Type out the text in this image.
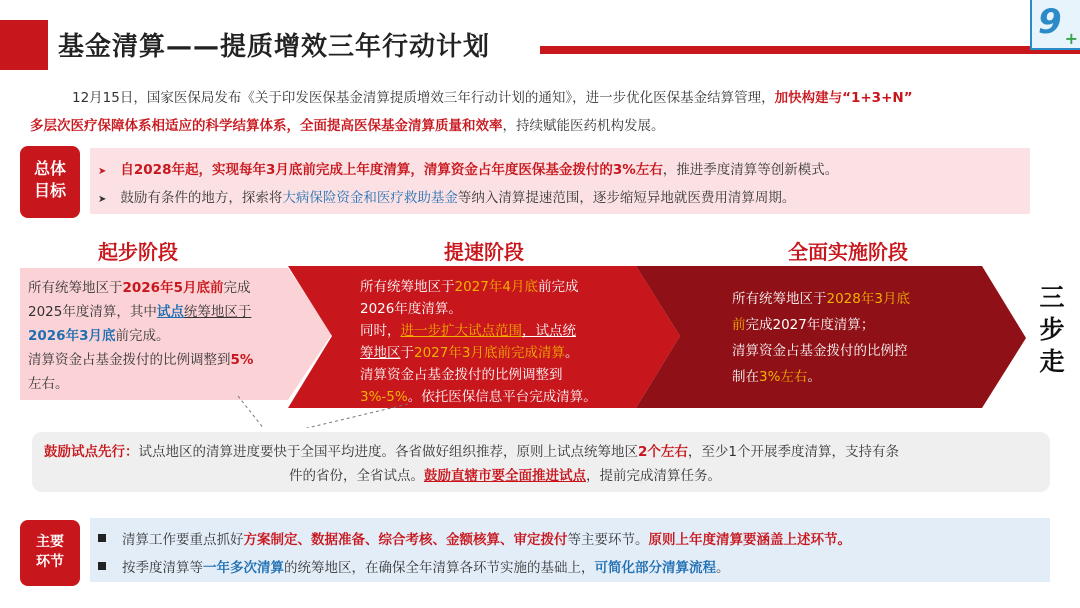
基金清算——提质增效三年行动计划
9 +
12月15日，国家医保局发布《关于印发医保基金清算提质增效三年行动计划的通知》，进一步优化医保基金结算管理，加快构建与“1+3+N”
多层次医疗保障体系相适应的科学结算体系，全面提高医保基金清算质量和效率，持续赋能医药机构发展。
总体
目标
➤ 自2028年起，实现每年3月底前完成上年度清算，清算资金占年度医保基金拨付的3%左右，推进季度清算等创新模式。
➤ 鼓励有条件的地方，探索将大病保险资金和医疗救助基金等纳入清算提速范围，逐步缩短异地就医费用清算周期。
起步阶段	提速阶段	全面实施阶段
所有统筹地区于2026年5月底前完成
2025年度清算，其中试点统筹地区于
2026年3月底前完成。
清算资金占基金拨付的比例调整到5%
左右。
所有统筹地区于2027年4月底前完成
2026年度清算。
同时，进一步扩大试点范围，试点统
筹地区于2027年3月底前完成清算。
清算资金占基金拨付的比例调整到
3%-5%。依托医保信息平台完成清算。
所有统筹地区于2028年3月底
前完成2027年度清算；
清算资金占基金拨付的比例控
制在3%左右。
三步走
鼓励试点先行：试点地区的清算进度要快于全国平均进度。各省做好组织推荐，原则上试点统筹地区2个左右，至少1个开展季度清算，支持有条
件的省份，全省试点。鼓励直辖市要全面推进试点，提前完成清算任务。
主要
环节
清算工作要重点抓好方案制定、数据准备、综合考核、金额核算、审定拨付等主要环节。原则上年度清算要涵盖上述环节。
按季度清算等一年多次清算的统筹地区，在确保全年清算各环节实施的基础上，可简化部分清算流程。
